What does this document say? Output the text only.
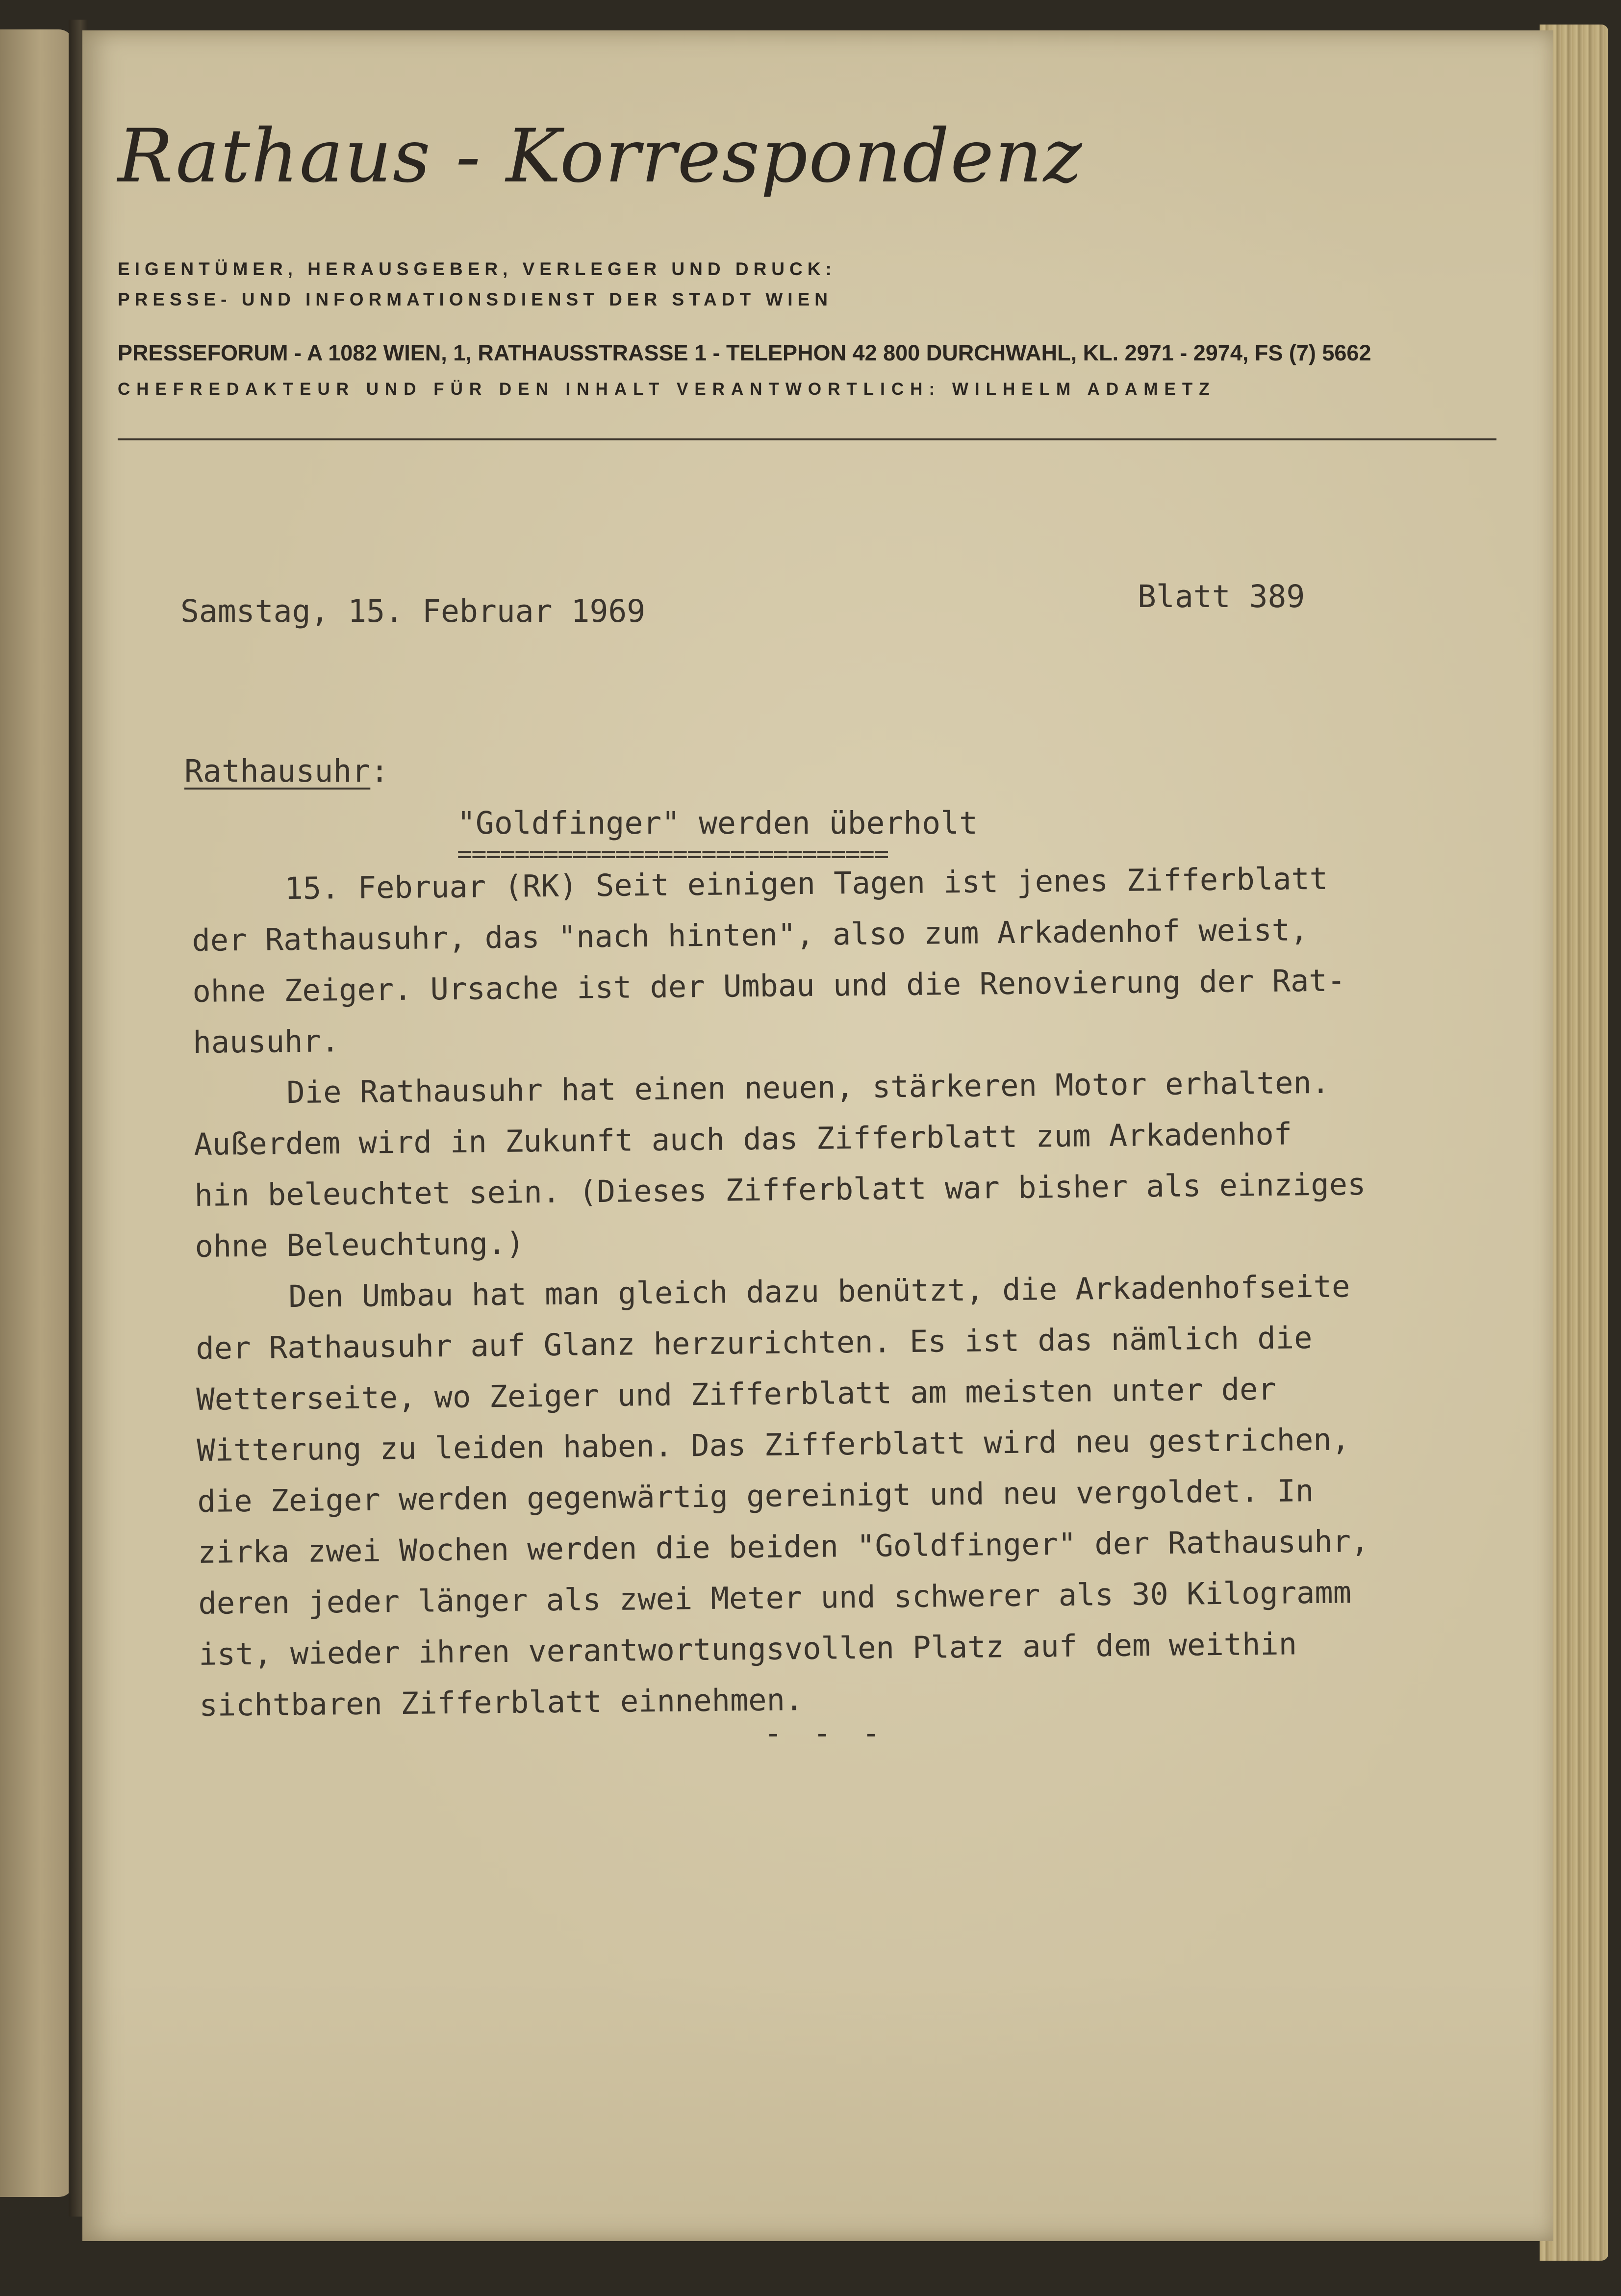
Rathaus - Korrespondenz
EIGENTÜMER, HERAUSGEBER, VERLEGER UND DRUCK:
PRESSE- UND INFORMATIONSDIENST DER STADT WIEN
PRESSEFORUM - A 1082 WIEN, 1, RATHAUSSTRASSE 1 - TELEPHON 42 800 DURCHWAHL, KL. 2971 - 2974, FS (7) 5662
CHEFREDAKTEUR UND FÜR DEN INHALT VERANTWORTLICH: WILHELM ADAMETZ
Samstag, 15. Februar 1969	Blatt 389
Rathausuhr:
"Goldfinger" werden überholt
==============================
15. Februar (RK) Seit einigen Tagen ist jenes Zifferblatt
der Rathausuhr, das "nach hinten", also zum Arkadenhof weist,
ohne Zeiger. Ursache ist der Umbau und die Renovierung der Rat-
hausuhr.
Die Rathausuhr hat einen neuen, stärkeren Motor erhalten.
Außerdem wird in Zukunft auch das Zifferblatt zum Arkadenhof
hin beleuchtet sein. (Dieses Zifferblatt war bisher als einziges
ohne Beleuchtung.)
Den Umbau hat man gleich dazu benützt, die Arkadenhofseite
der Rathausuhr auf Glanz herzurichten. Es ist das nämlich die
Wetterseite, wo Zeiger und Zifferblatt am meisten unter der
Witterung zu leiden haben. Das Zifferblatt wird neu gestrichen,
die Zeiger werden gegenwärtig gereinigt und neu vergoldet. In
zirka zwei Wochen werden die beiden "Goldfinger" der Rathausuhr,
deren jeder länger als zwei Meter und schwerer als 30 Kilogramm
ist, wieder ihren verantwortungsvollen Platz auf dem weithin
sichtbaren Zifferblatt einnehmen.
- - -
